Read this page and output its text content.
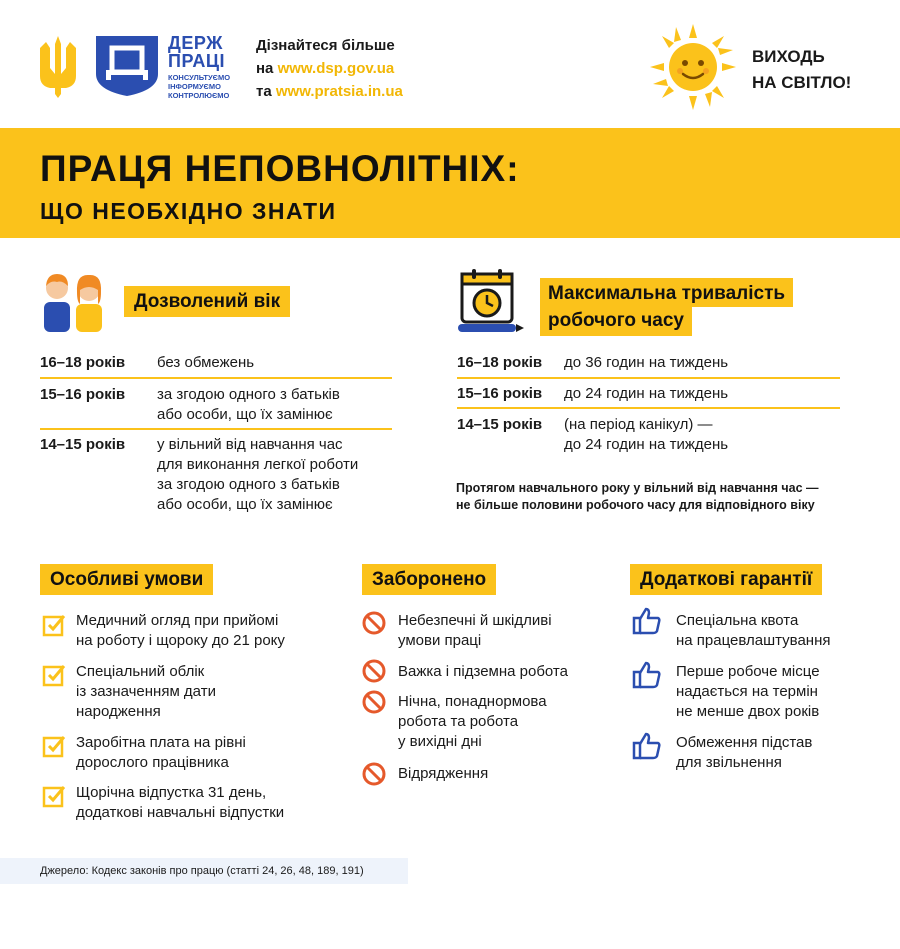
ДЕРЖ
ПРАЦІ
КОНСУЛЬТУЄМО
ІНФОРМУЄМО
КОНТРОЛЮЄМО
Дізнайтеся більше
на www.dsp.gov.ua
та www.pratsia.in.ua
ВИХОДЬ
НА СВІТЛО!
ПРАЦЯ НЕПОВНОЛІТНІХ:
ЩО НЕОБХІДНО ЗНАТИ
Дозволений вік
16–18 років без обмежень
15–16 років за згодою одного з батьків
або особи, що їх замінює
14–15 років у вільний від навчання час
для виконання легкої роботи
за згодою одного з батьків
або особи, що їх замінює
Максимальна тривалість
робочого часу
16–18 років до 36 годин на тиждень
15–16 років до 24 годин на тиждень
14–15 років (на період канікул) —
до 24 годин на тиждень
Протягом навчального року у вільний від навчання час —
не більше половини робочого часу для відповідного віку
Особливі умови
Медичний огляд при прийомі
на роботу і щороку до 21 року
Спеціальний облік
із зазначенням дати
народження
Заробітна плата на рівні
дорослого працівника
Щорічна відпустка 31 день,
додаткові навчальні відпустки
Заборонено
Небезпечні й шкідливі
умови праці
Важка і підземна робота
Нічна, понаднормова
робота та робота
у вихідні дні
Відрядження
Додаткові гарантії
Спеціальна квота
на працевлаштування
Перше робоче місце
надається на термін
не менше двох років
Обмеження підстав
для звільнення
Джерело: Кодекс законів про працю (статті 24, 26, 48, 189, 191)
